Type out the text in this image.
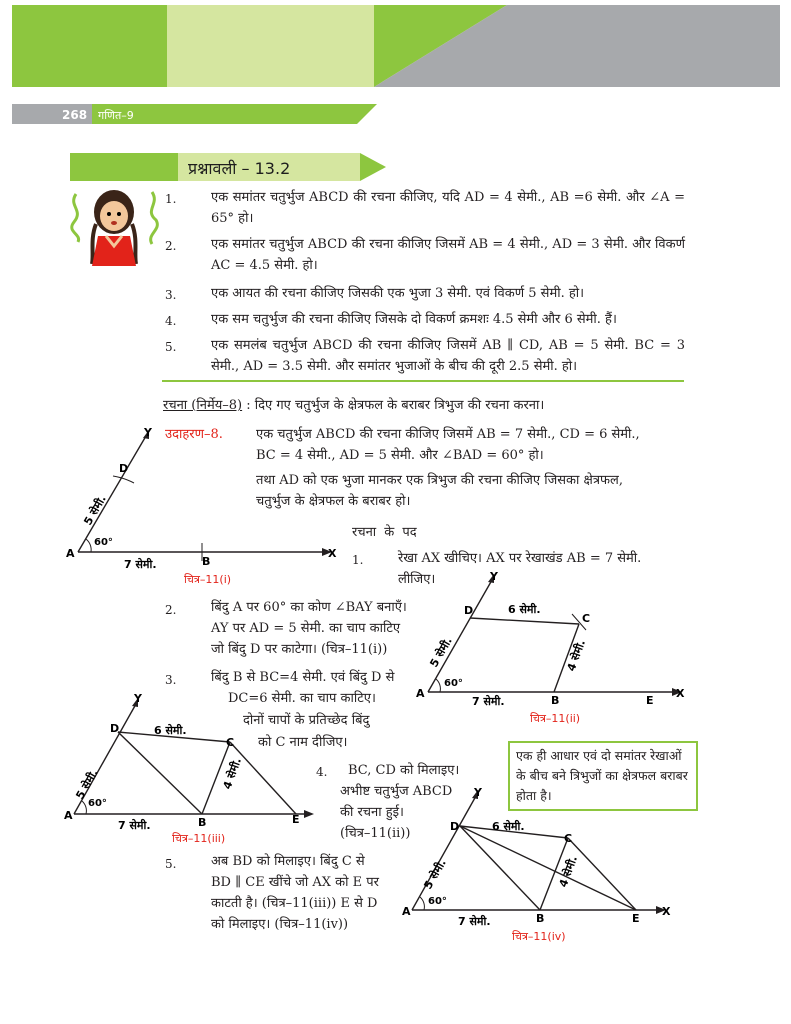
268 गणित–9
प्रश्नावली – 13.2
1.	एक समांतर चतुर्भुज ABCD की रचना कीजिए, यदि AD = 4 सेमी., AB =6 सेमी. और ∠A = 65° हो।
2.	एक समांतर चतुर्भुज ABCD की रचना कीजिए जिसमें AB = 4 सेमी., AD = 3 सेमी. और विकर्ण AC = 4.5 सेमी. हो।
3.	एक आयत की रचना कीजिए जिसकी एक भुजा 3 सेमी. एवं विकर्ण 5 सेमी. हो।
4.	एक सम चतुर्भुज की रचना कीजिए जिसके दो विकर्ण क्रमशः 4.5 सेमी और 6 सेमी. हैं।
5.	एक समलंब चतुर्भुज ABCD की रचना कीजिए जिसमें AB ∥ CD, AB = 5 सेमी. BC = 3 सेमी., AD = 3.5 सेमी. और समांतर भुजाओं के बीच की दूरी 2.5 सेमी. हो।
रचना (निर्मेय–8) : दिए गए चतुर्भुज के क्षेत्रफल के बराबर त्रिभुज की रचना करना।
उदाहरण–8.	एक चतुर्भुज ABCD की रचना कीजिए जिसमें AB = 7 सेमी., CD = 6 सेमी.,
BC = 4 सेमी., AD = 5 सेमी. और ∠BAD = 60° हो।
तथा AD को एक भुजा मानकर एक त्रिभुज की रचना कीजिए जिसका क्षेत्रफल,
चतुर्भुज के क्षेत्रफल के बराबर हो।
रचना के पद
1.	रेखा AX खीचिए। AX पर रेखाखंड AB = 7 सेमी.
लीजिए।
2.	बिंदु A पर 60° का कोण ∠BAY बनाएँ।
AY पर AD = 5 सेमी. का चाप काटिए
जो बिंदु D पर काटेगा। (चित्र–11(i))
3.	बिंदु B से BC=4 सेमी. एवं बिंदु D से
DC=6 सेमी. का चाप काटिए।
दोनों चापों के प्रतिच्छेद बिंदु
को C नाम दीजिए।
4.	BC, CD को मिलाइए।
अभीष्ट चतुर्भुज ABCD
की रचना हुई।
(चित्र–11(ii))
5.	अब BD को मिलाइए। बिंदु C से
BD ∥ CE खींचे जो AX को E पर
काटती है। (चित्र–11(iii)) E से D
को मिलाइए। (चित्र–11(iv))
एक ही आधार एवं दो समांतर रेखाओं के बीच बने त्रिभुजों का क्षेत्रफल बराबर होता है।
A
B
D
X
Y
60°
7 सेमी.
5 सेमी.
चित्र–11(i)
A
B
C
D
E
X
Y
60°
7 सेमी.
6 सेमी.
5 सेमी.	4 सेमी.
चित्र–11(ii)
A
B
C
D
E
Y
60°
7 सेमी.
6 सेमी.
5 सेमी.	4 सेमी.
चित्र–11(iii)
A
B
C
D
E
X
Y
60°
7 सेमी.
6 सेमी.
5 सेमी.	4 सेमी.
चित्र–11(iv)
